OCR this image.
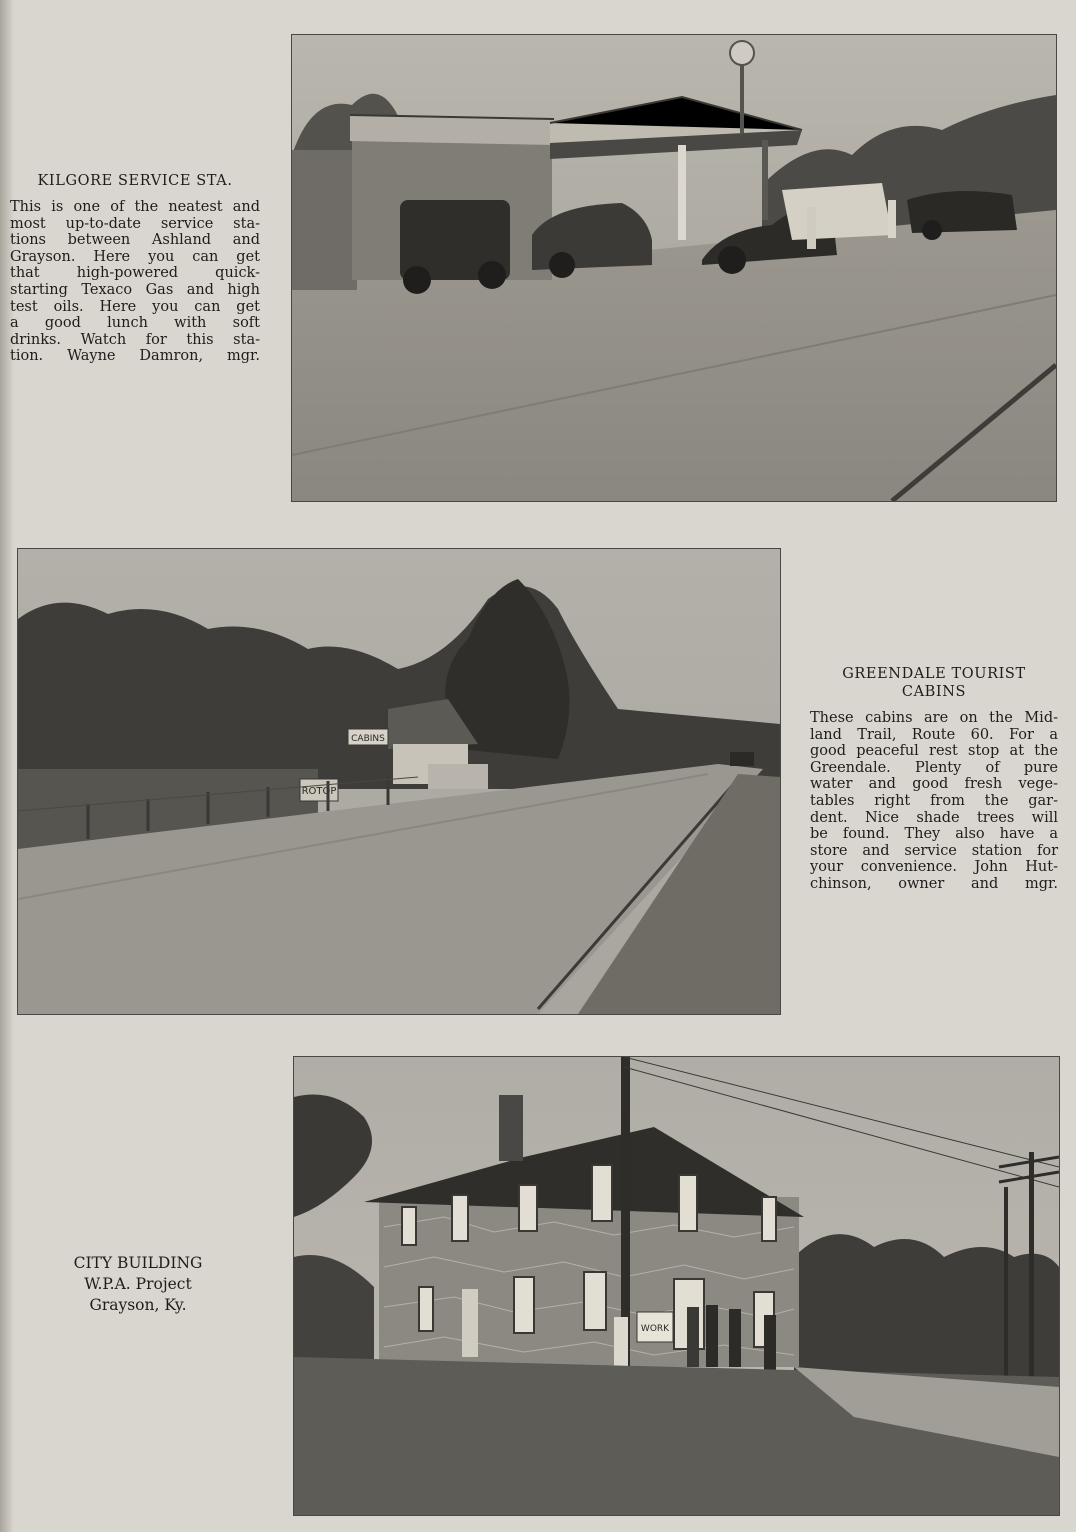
KILGORE SERVICE STA.
This is one of the neatest and
most up-to-date service sta-
tions between Ashland and
Grayson. Here you can get
that high-powered quick-
starting Texaco Gas and high
test oils. Here you can get
a good lunch with soft
drinks. Watch for this sta-
tion. Wayne Damron, mgr.
CABINS
ROTOP
GREENDALE TOURIST
CABINS
These cabins are on the Mid-
land Trail, Route 60. For a
good peaceful rest stop at the
Greendale. Plenty of pure
water and good fresh vege-
tables right from the gar-
dent. Nice shade trees will
be found. They also have a
store and service station for
your convenience. John Hut-
chinson, owner and mgr.
WORK
CITY BUILDING
W.P.A. Project
Grayson, Ky.
